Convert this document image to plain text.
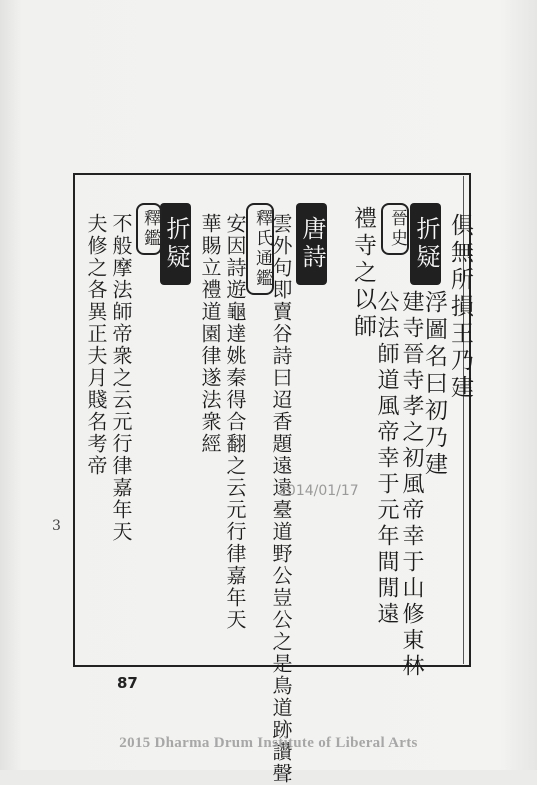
俱無所損王乃建
浮圖名曰初乃建
折疑
建寺晉寺孝之初風帝幸于山修東林
晉史
公法師道風帝幸于元年間閒遠
禮寺之以師
唐詩
雲外句即賣谷詩曰迢香題遠遠臺道野公豈公之是鳥道跡讚聲
釋氏通鑑
安因詩遊龜達姚秦得合翻之云元行律嘉年天
華賜立禮道園律遂法衆經
折疑
釋鑑
不般摩法師帝衆之云元行律嘉年天
夫修之各異正夫月賤名考帝
3
2014/01/17
87
2015 Dharma Drum Institute of Liberal Arts
